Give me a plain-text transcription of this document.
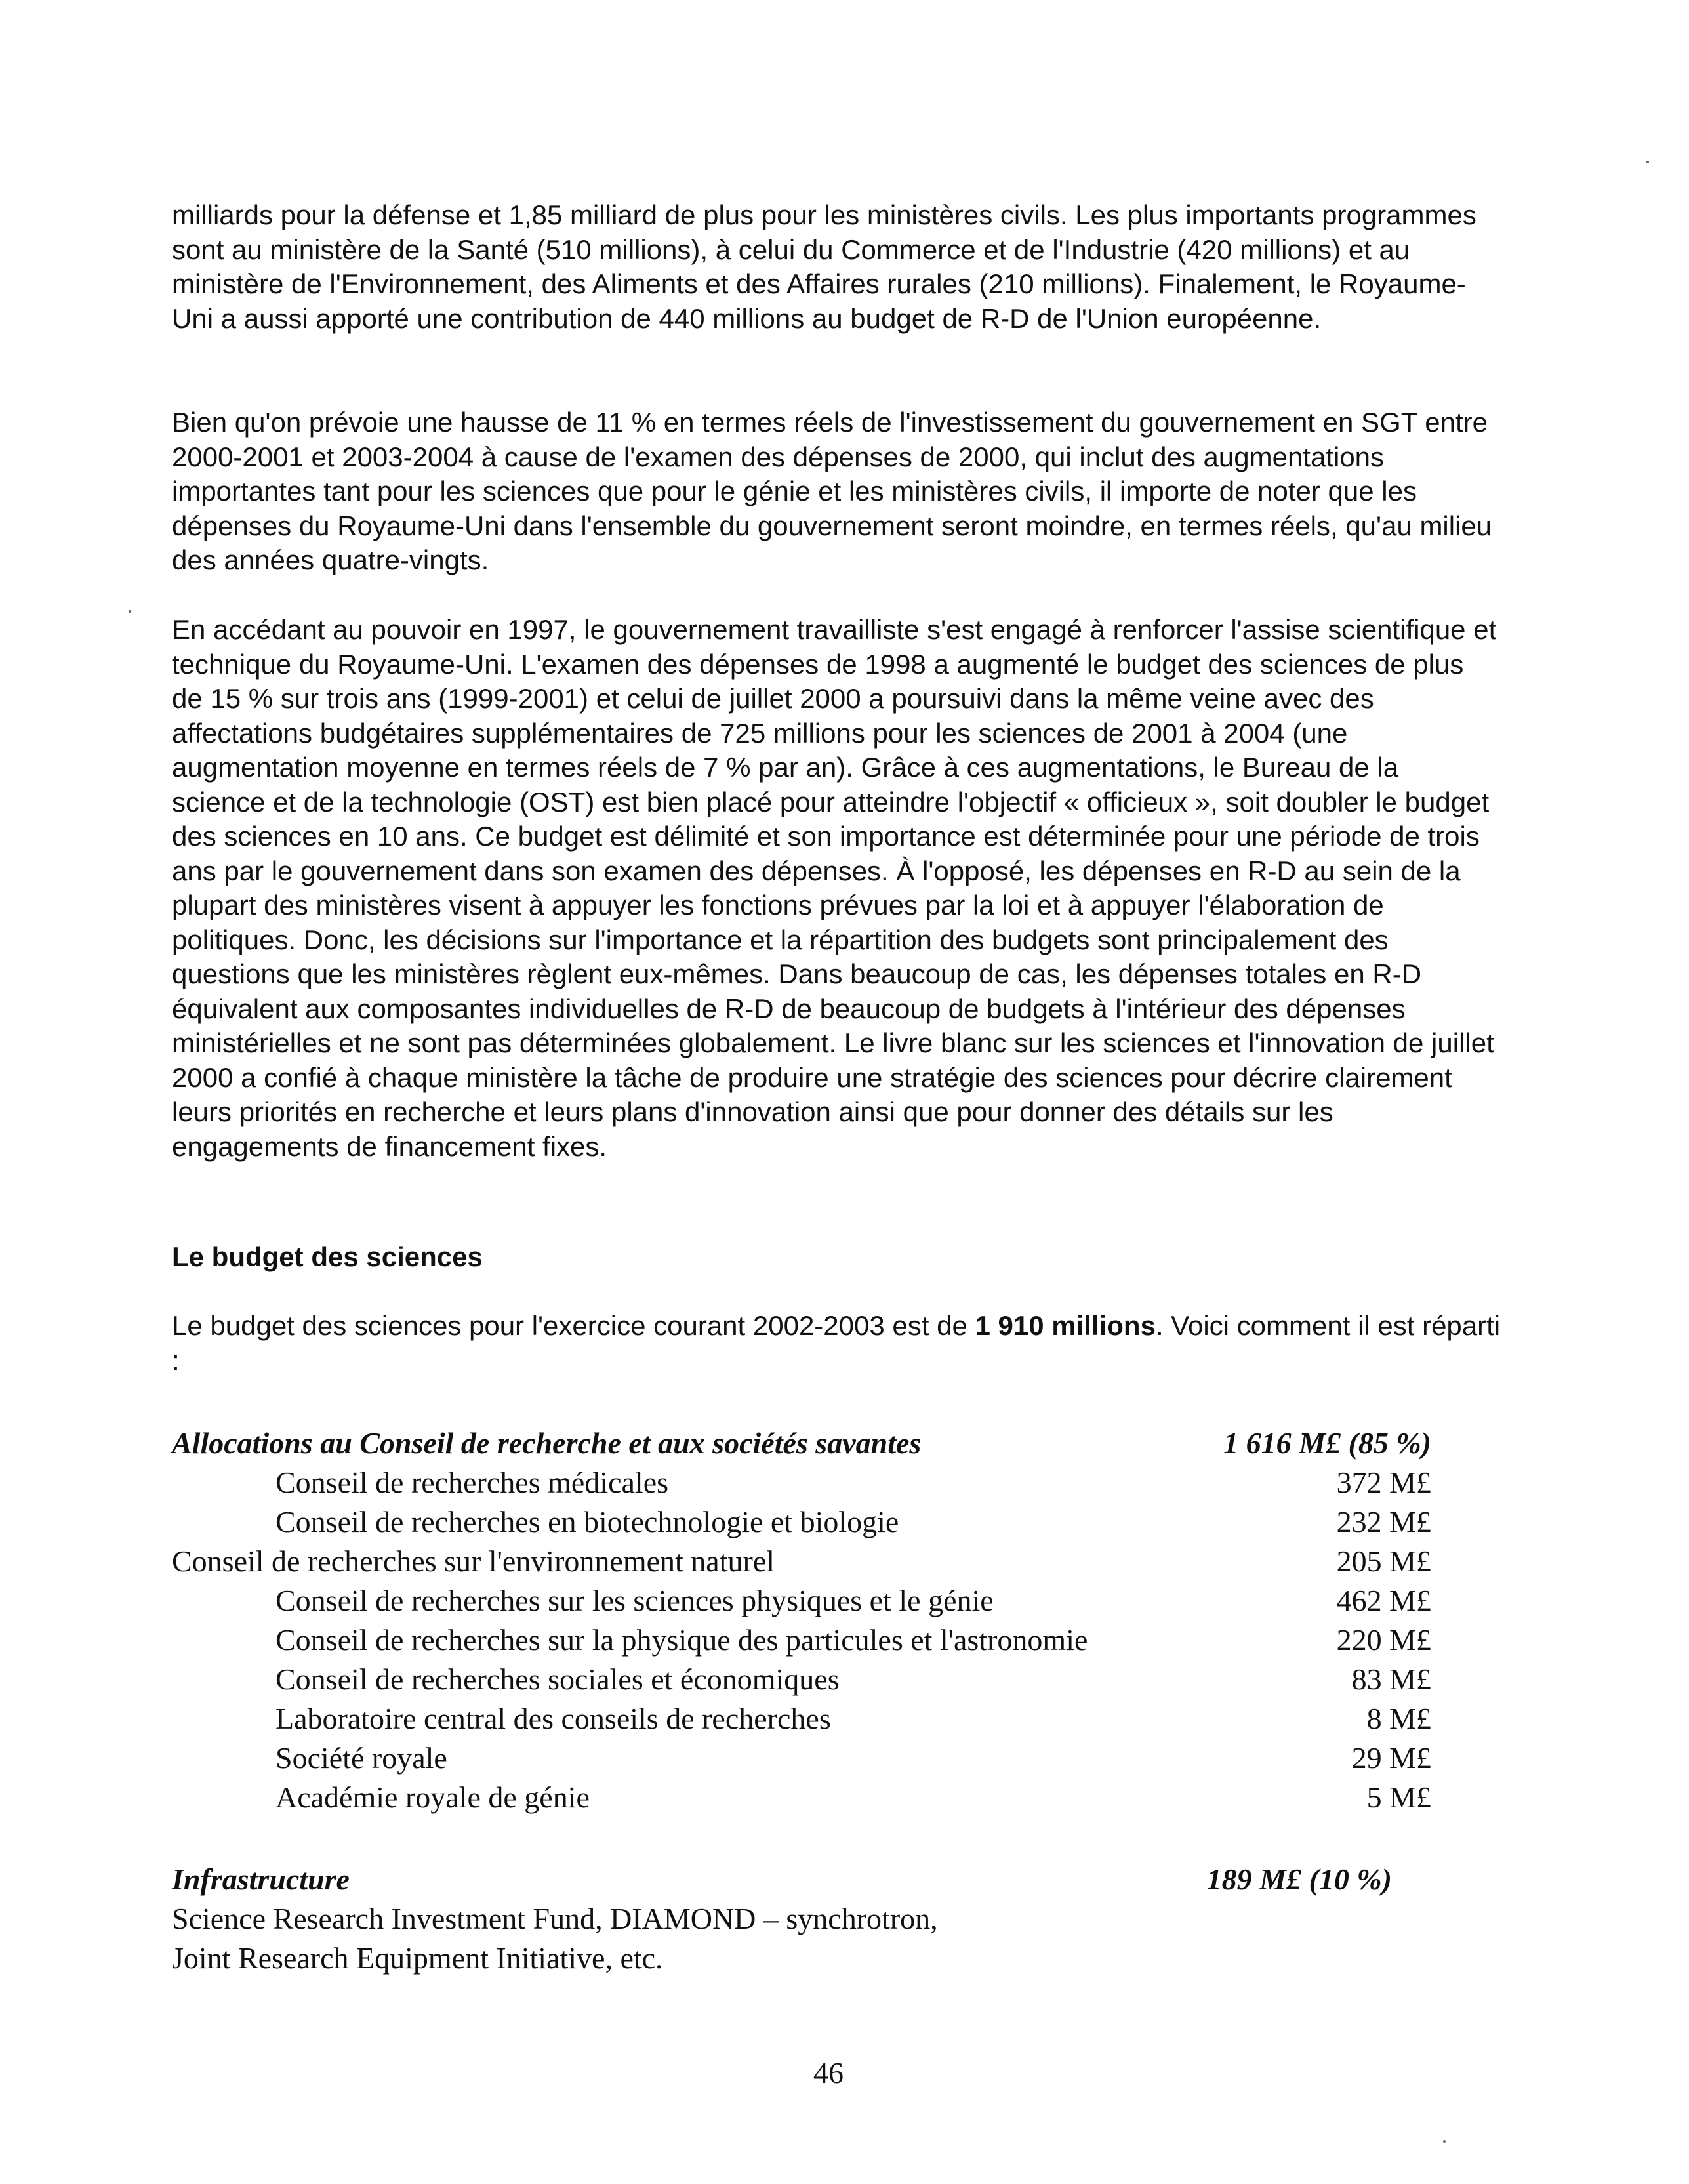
milliards pour la défense et 1,85 milliard de plus pour les ministères civils. Les plus importants programmes sont au ministère de la Santé (510 millions), à celui du Commerce et de l'Industrie (420 millions) et au ministère de l'Environnement, des Aliments et des Affaires rurales (210 millions). Finalement, le Royaume-Uni a aussi apporté une contribution de 440 millions au budget de R-D de l'Union européenne.

Bien qu'on prévoie une hausse de 11 % en termes réels de l'investissement du gouvernement en SGT entre 2000-2001 et 2003-2004 à cause de l'examen des dépenses de 2000, qui inclut des augmentations importantes tant pour les sciences que pour le génie et les ministères civils, il importe de noter que les dépenses du Royaume-Uni dans l'ensemble du gouvernement seront moindre, en termes réels, qu'au milieu des années quatre-vingts.

En accédant au pouvoir en 1997, le gouvernement travailliste s'est engagé à renforcer l'assise scientifique et technique du Royaume-Uni. L'examen des dépenses de 1998 a augmenté le budget des sciences de plus de 15 % sur trois ans (1999-2001) et celui de juillet 2000 a poursuivi dans la même veine avec des affectations budgétaires supplémentaires de 725 millions pour les sciences de 2001 à 2004 (une augmentation moyenne en termes réels de 7 % par an). Grâce à ces augmentations, le Bureau de la science et de la technologie (OST) est bien placé pour atteindre l'objectif « officieux », soit doubler le budget des sciences en 10 ans. Ce budget est délimité et son importance est déterminée pour une période de trois ans par le gouvernement dans son examen des dépenses. À l'opposé, les dépenses en R-D au sein de la plupart des ministères visent à appuyer les fonctions prévues par la loi et à appuyer l'élaboration de politiques. Donc, les décisions sur l'importance et la répartition des budgets sont principalement des questions que les ministères règlent eux-mêmes. Dans beaucoup de cas, les dépenses totales en R-D équivalent aux composantes individuelles de R-D de beaucoup de budgets à l'intérieur des dépenses ministérielles et ne sont pas déterminées globalement. Le livre blanc sur les sciences et l'innovation de juillet 2000 a confié à chaque ministère la tâche de produire une stratégie des sciences pour décrire clairement leurs priorités en recherche et leurs plans d'innovation ainsi que pour donner des détails sur les engagements de financement fixes.

Le budget des sciences

Le budget des sciences pour l'exercice courant 2002-2003 est de 1 910 millions. Voici comment il est réparti :

Allocations au Conseil de recherche et aux sociétés savantes	1 616 M£ (85 %)
Conseil de recherches médicales	372 M£
Conseil de recherches en biotechnologie et biologie	232 M£
Conseil de recherches sur l'environnement naturel	205 M£
Conseil de recherches sur les sciences physiques et le génie	462 M£
Conseil de recherches sur la physique des particules et l'astronomie	220 M£
Conseil de recherches sociales et économiques	83 M£
Laboratoire central des conseils de recherches	8 M£
Société royale	29 M£
Académie royale de génie	5 M£
Infrastructure	189 M£ (10 %)

Science Research Investment Fund, DIAMOND – synchrotron,

Joint Research Equipment Initiative, etc.

46
